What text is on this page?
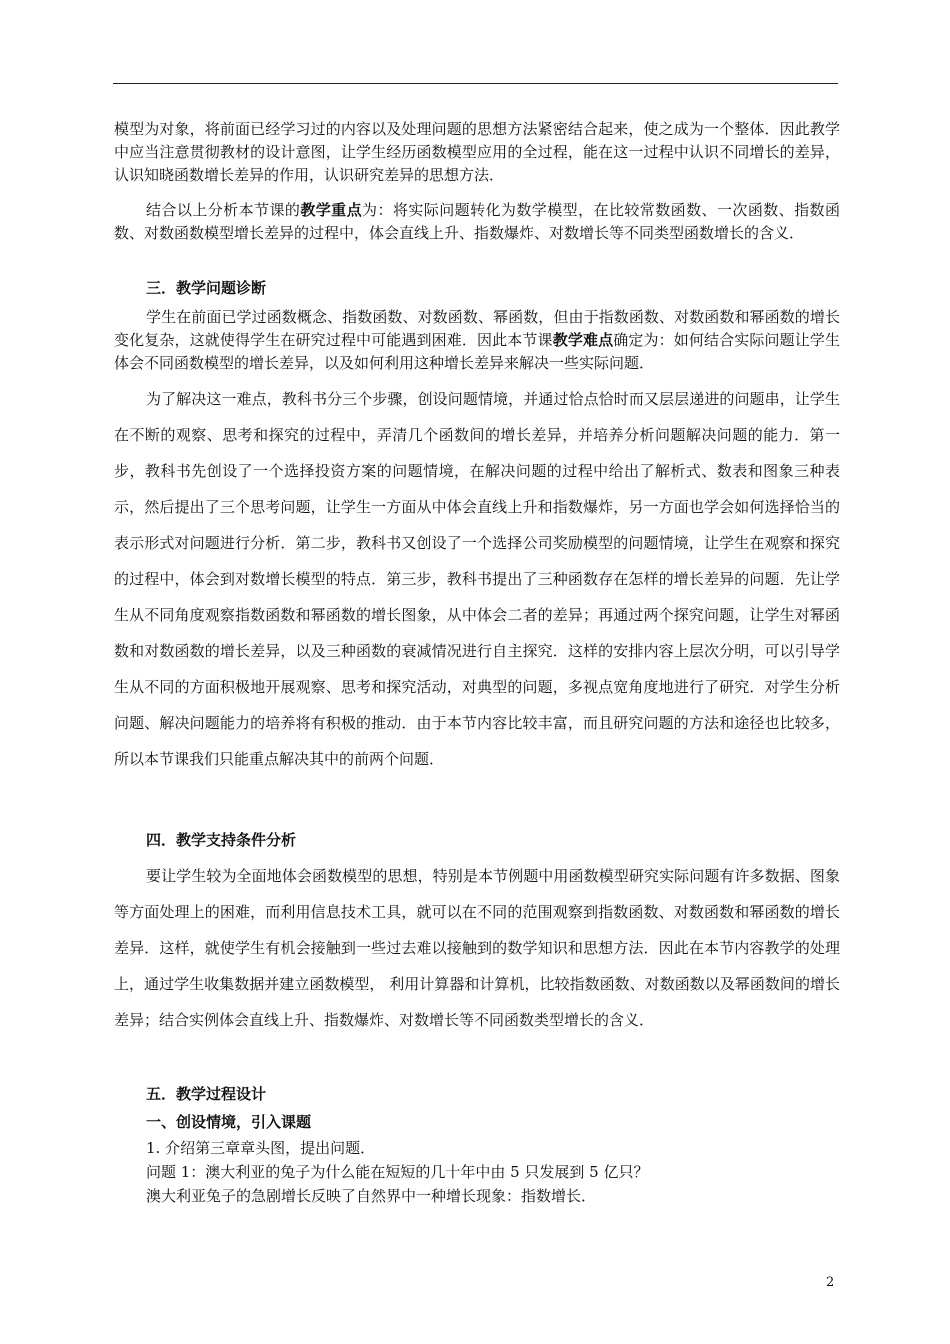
模型为对象，将前面已经学习过的内容以及处理问题的思想方法紧密结合起来，使之成为一个整体．因此教学中应当注意贯彻教材的设计意图，让学生经历函数模型应用的全过程，能在这一过程中认识不同增长的差异，认识知晓函数增长差异的作用，认识研究差异的思想方法．
结合以上分析本节课的教学重点为：将实际问题转化为数学模型，在比较常数函数、一次函数、指数函数、对数函数模型增长差异的过程中，体会直线上升、指数爆炸、对数增长等不同类型函数增长的含义．
三．教学问题诊断
学生在前面已学过函数概念、指数函数、对数函数、幂函数，但由于指数函数、对数函数和幂函数的增长变化复杂，这就使得学生在研究过程中可能遇到困难．因此本节课教学难点确定为：如何结合实际问题让学生体会不同函数模型的增长差异，以及如何利用这种增长差异来解决一些实际问题．
为了解决这一难点，教科书分三个步骤，创设问题情境，并通过恰点恰时而又层层递进的问题串，让学生在不断的观察、思考和探究的过程中，弄清几个函数间的增长差异，并培养分析问题解决问题的能力．第一步，教科书先创设了一个选择投资方案的问题情境，在解决问题的过程中给出了解析式、数表和图象三种表示，然后提出了三个思考问题，让学生一方面从中体会直线上升和指数爆炸，另一方面也学会如何选择恰当的表示形式对问题进行分析．第二步，教科书又创设了一个选择公司奖励模型的问题情境，让学生在观察和探究的过程中，体会到对数增长模型的特点．第三步，教科书提出了三种函数存在怎样的增长差异的问题．先让学生从不同角度观察指数函数和幂函数的增长图象，从中体会二者的差异；再通过两个探究问题，让学生对幂函数和对数函数的增长差异，以及三种函数的衰减情况进行自主探究．这样的安排内容上层次分明，可以引导学生从不同的方面积极地开展观察、思考和探究活动，对典型的问题，多视点宽角度地进行了研究．对学生分析问题、解决问题能力的培养将有积极的推动．由于本节内容比较丰富，而且研究问题的方法和途径也比较多，所以本节课我们只能重点解决其中的前两个问题．
四．教学支持条件分析
要让学生较为全面地体会函数模型的思想，特别是本节例题中用函数模型研究实际问题有许多数据、图象等方面处理上的困难，而利用信息技术工具，就可以在不同的范围观察到指数函数、对数函数和幂函数的增长差异．这样，就使学生有机会接触到一些过去难以接触到的数学知识和思想方法．因此在本节内容教学的处理上，通过学生收集数据并建立函数模型， 利用计算器和计算机，比较指数函数、对数函数以及幂函数间的增长差异；结合实例体会直线上升、指数爆炸、对数增长等不同函数类型增长的含义．
五．教学过程设计
一、创设情境，引入课题
1. 介绍第三章章头图，提出问题．
问题 1：澳大利亚的兔子为什么能在短短的几十年中由 5 只发展到 5 亿只？
澳大利亚兔子的急剧增长反映了自然界中一种增长现象：指数增长．
2
